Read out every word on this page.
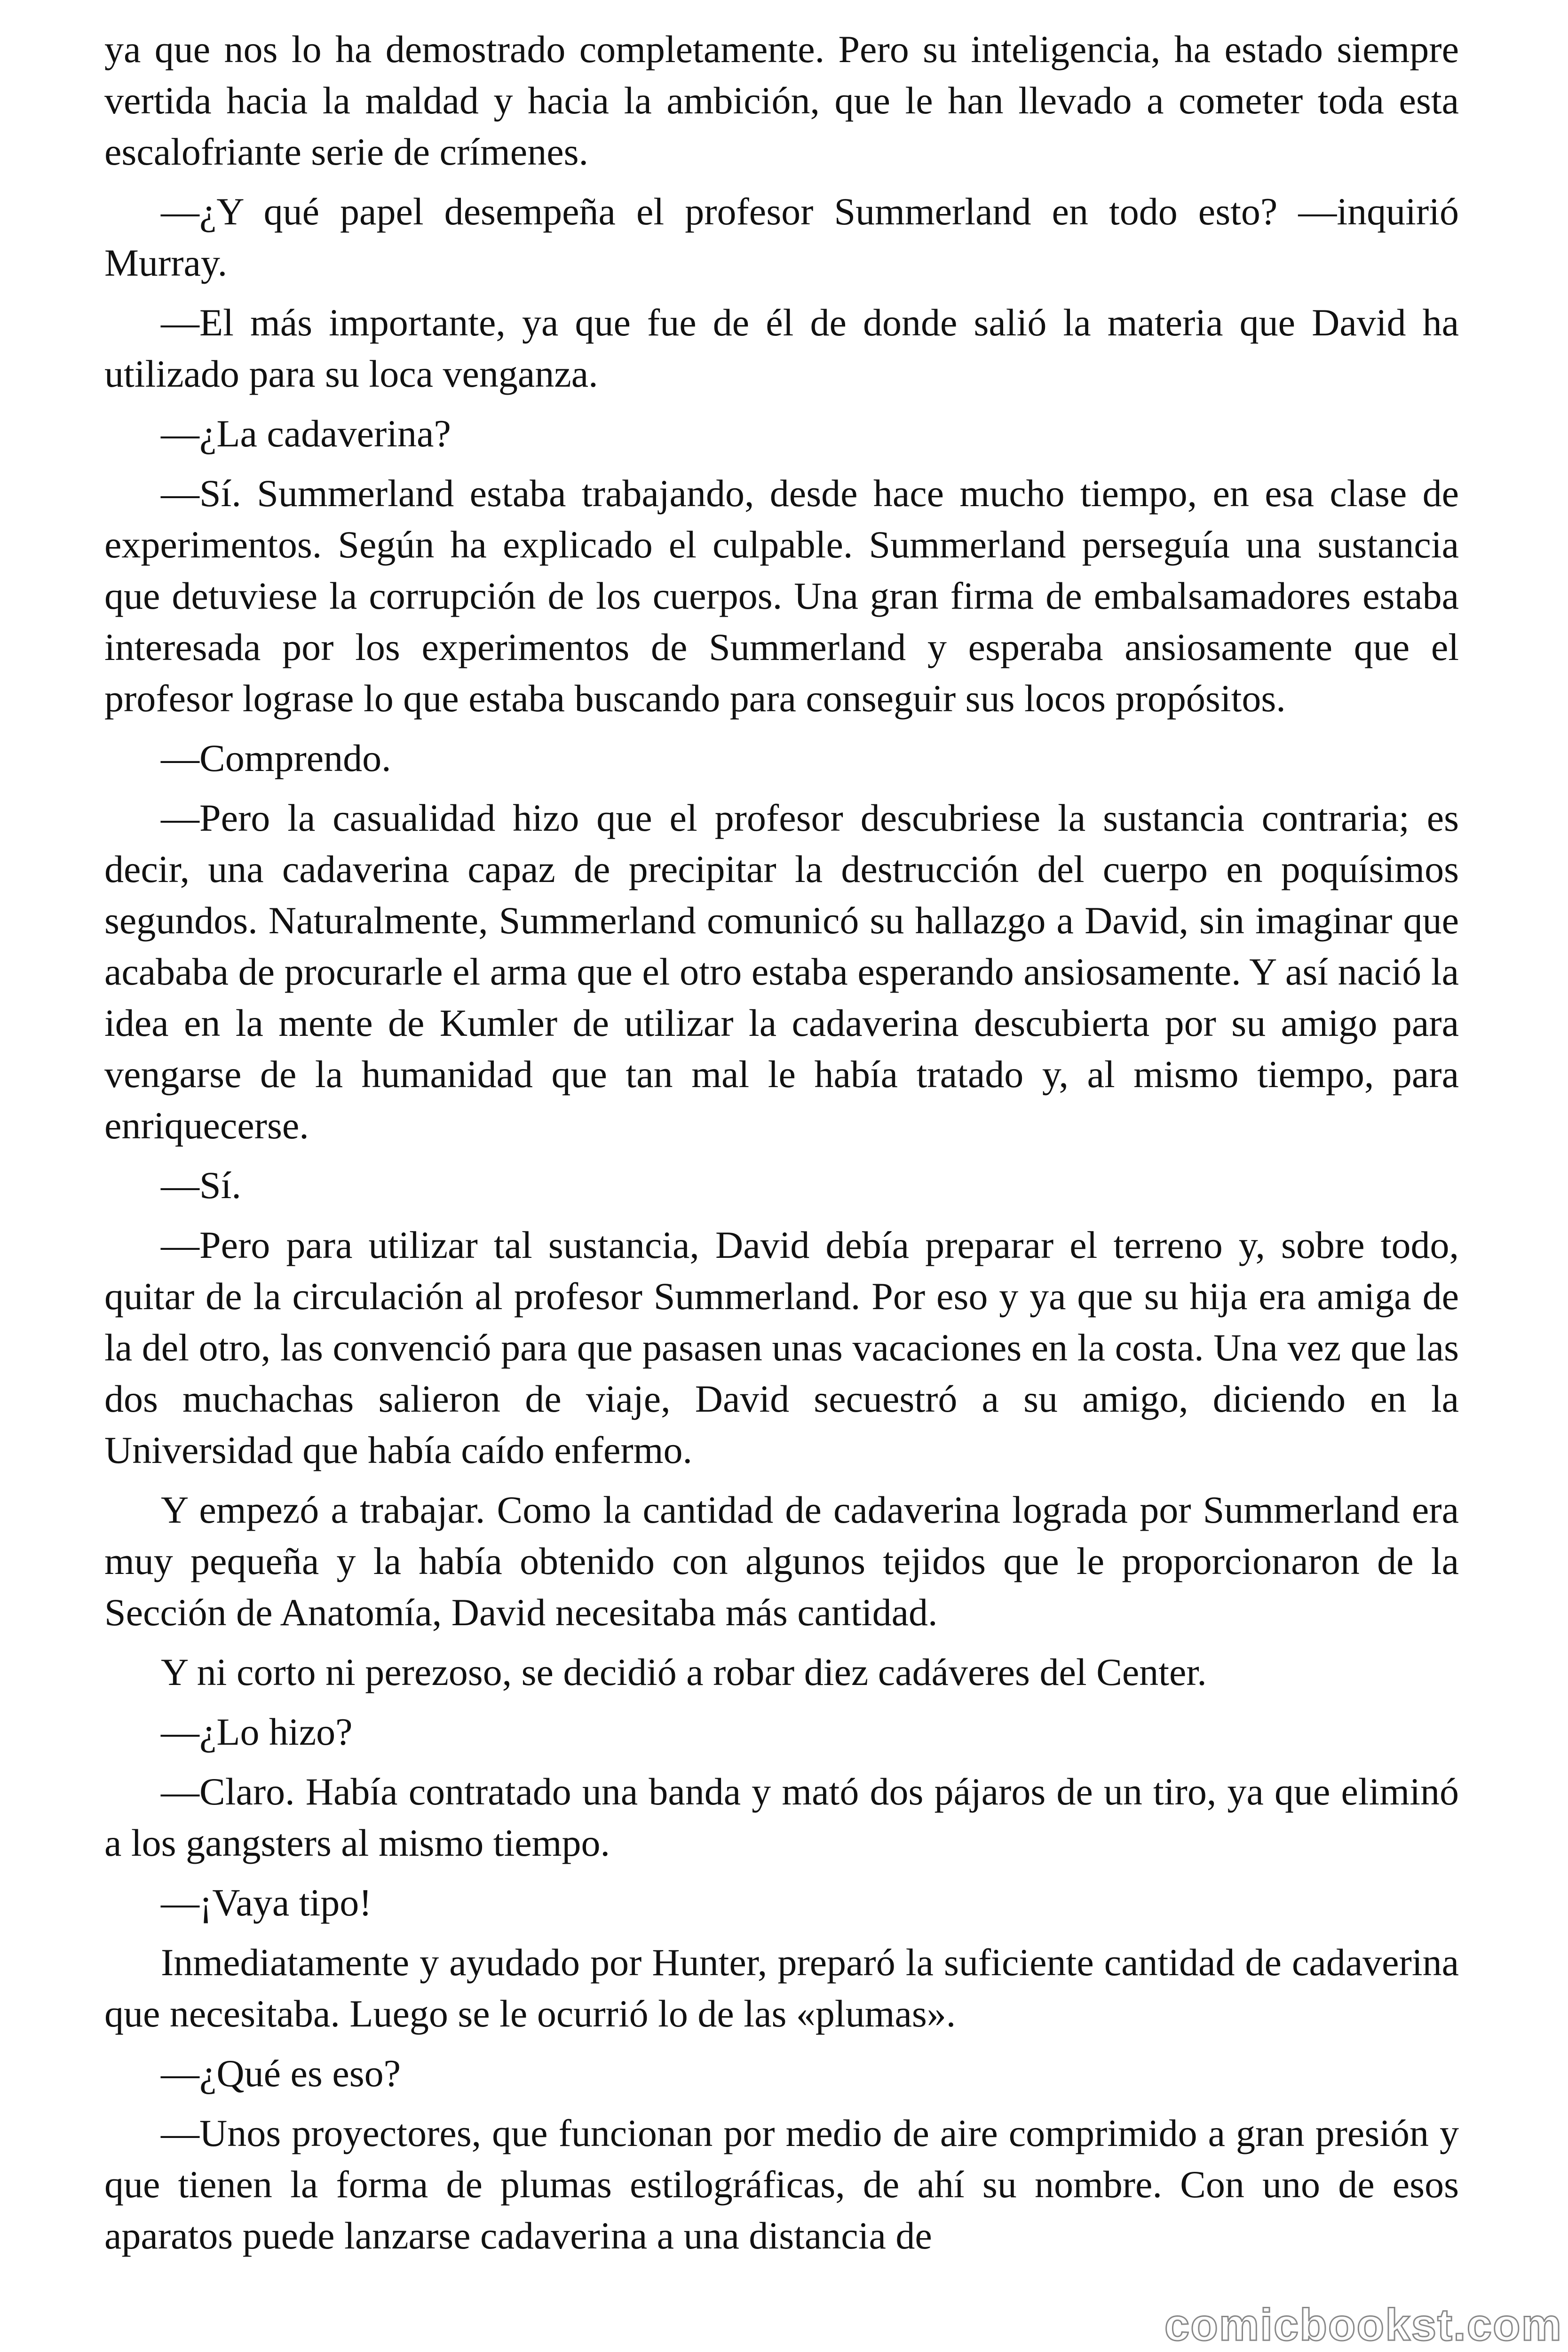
ya que nos lo ha demostrado completamente. Pero su inteligencia, ha estado siempre vertida hacia la maldad y hacia la ambición, que le han llevado a cometer toda esta escalofriante serie de crímenes.

—¿Y qué papel desempeña el profesor Summerland en todo esto? —inquirió Murray.

—El más importante, ya que fue de él de donde salió la materia que David ha utilizado para su loca venganza.

—¿La cadaverina?

—Sí. Summerland estaba trabajando, desde hace mucho tiempo, en esa clase de experimentos. Según ha explicado el culpable. Summerland perseguía una sustancia que detuviese la corrupción de los cuerpos. Una gran firma de embalsamadores estaba interesada por los experimentos de Summerland y esperaba ansiosamente que el profesor lograse lo que estaba buscando para conseguir sus locos propósitos.

—Comprendo.

—Pero la casualidad hizo que el profesor descubriese la sustancia contraria; es decir, una cadaverina capaz de precipitar la destrucción del cuerpo en poquísimos segundos. Naturalmente, Summerland comunicó su hallazgo a David, sin imaginar que acababa de procurarle el arma que el otro estaba esperando ansiosamente. Y así nació la idea en la mente de Kumler de utilizar la cadaverina descubierta por su amigo para vengarse de la humanidad que tan mal le había tratado y, al mismo tiempo, para enriquecerse.

—Sí.

—Pero para utilizar tal sustancia, David debía preparar el terreno y, sobre todo, quitar de la circulación al profesor Summerland. Por eso y ya que su hija era amiga de la del otro, las convenció para que pasasen unas vacaciones en la costa. Una vez que las dos muchachas salieron de viaje, David secuestró a su amigo, diciendo en la Universidad que había caído enfermo.

Y empezó a trabajar. Como la cantidad de cadaverina lograda por Summerland era muy pequeña y la había obtenido con algunos tejidos que le proporcionaron de la Sección de Anatomía, David necesitaba más cantidad.

Y ni corto ni perezoso, se decidió a robar diez cadáveres del Center.

—¿Lo hizo?

—Claro. Había contratado una banda y mató dos pájaros de un tiro, ya que eliminó a los gangsters al mismo tiempo.

—¡Vaya tipo!

Inmediatamente y ayudado por Hunter, preparó la suficiente cantidad de cadaverina que necesitaba. Luego se le ocurrió lo de las «plumas».

—¿Qué es eso?

—Unos proyectores, que funcionan por medio de aire comprimido a gran presión y que tienen la forma de plumas estilográficas, de ahí su nombre. Con uno de esos aparatos puede lanzarse cadaverina a una distancia de

comicbookst.com
